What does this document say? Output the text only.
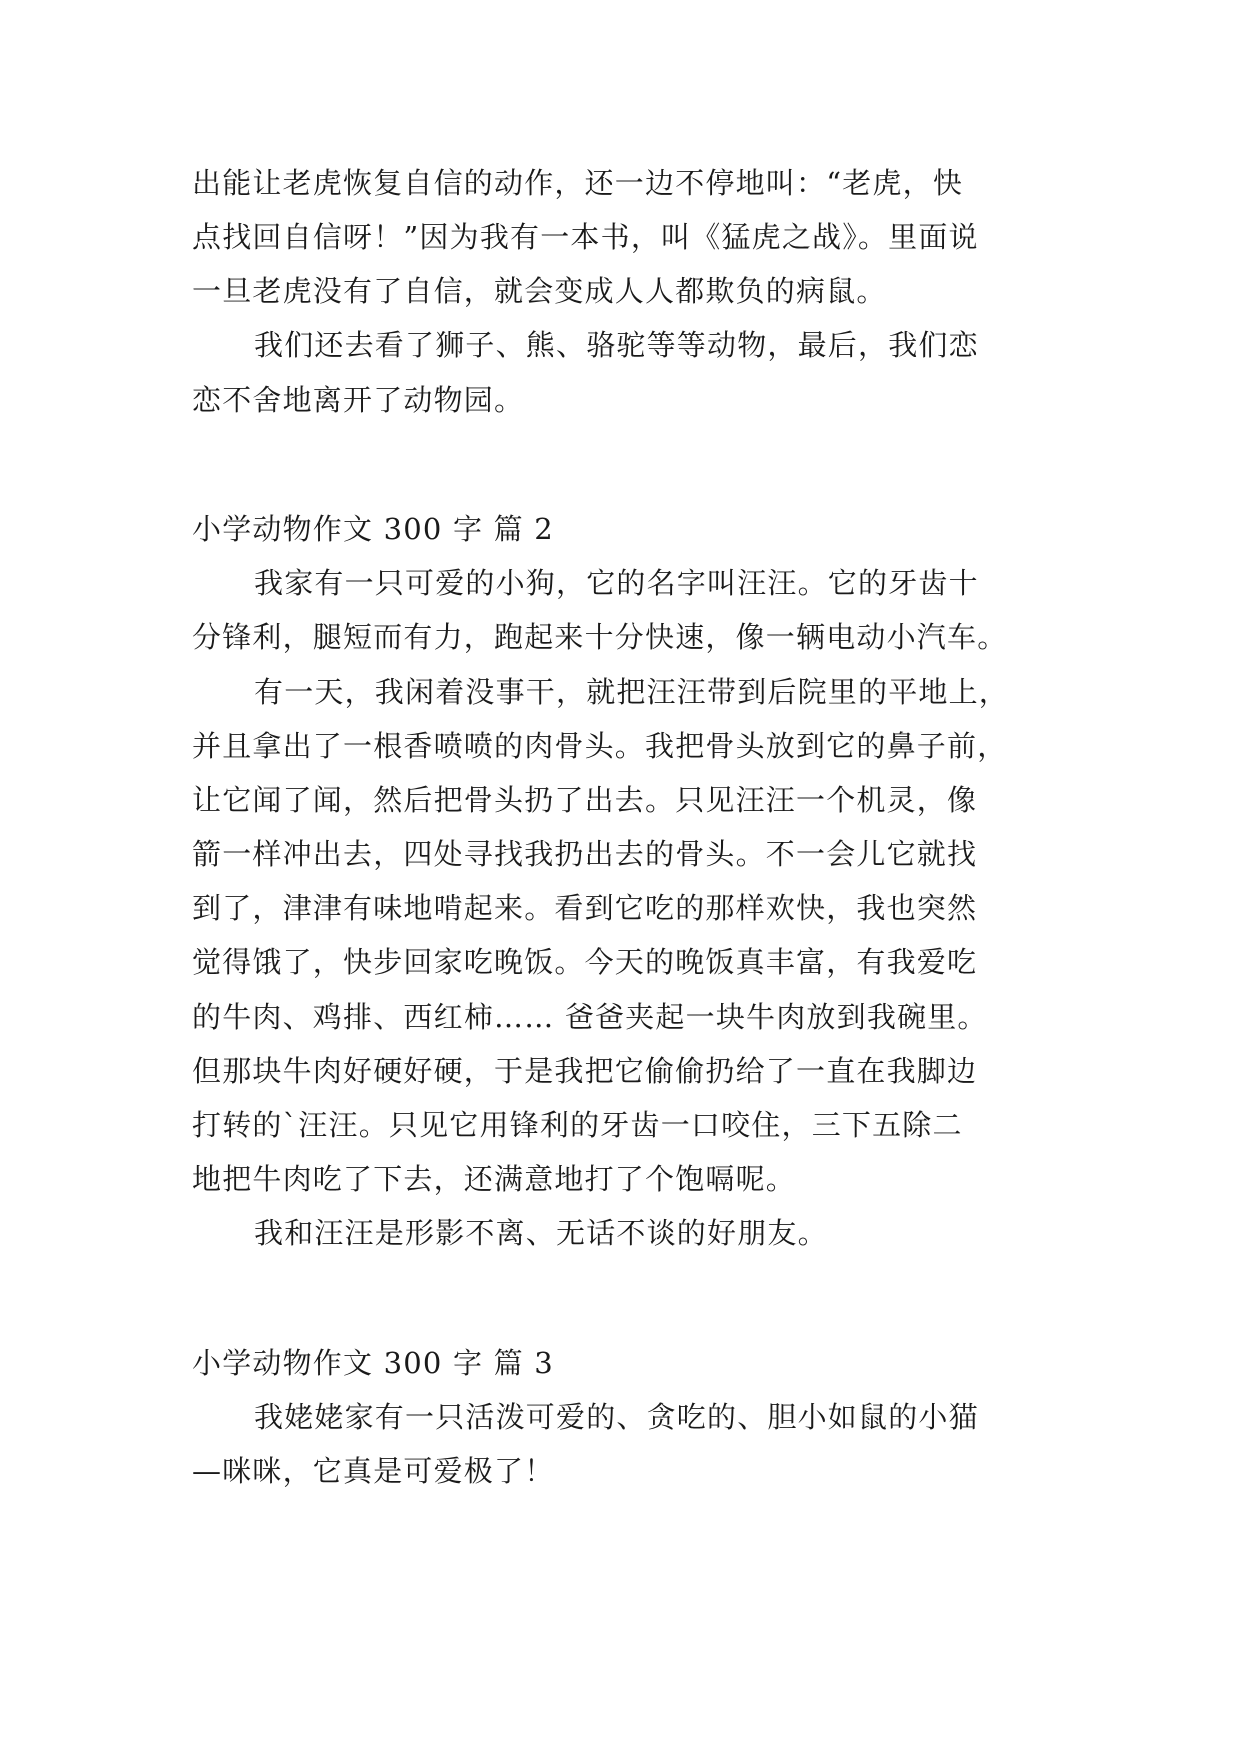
出能让老虎恢复自信的动作，还一边不停地叫：“老虎，快
点找回自信呀！”因为我有一本书，叫《猛虎之战》。里面说
一旦老虎没有了自信，就会变成人人都欺负的病鼠。
我们还去看了狮子、熊、骆驼等等动物，最后，我们恋
恋不舍地离开了动物园。
小学动物作文 300 字 篇 2
我家有一只可爱的小狗，它的名字叫汪汪。它的牙齿十
分锋利，腿短而有力，跑起来十分快速，像一辆电动小汽车。
有一天，我闲着没事干，就把汪汪带到后院里的平地上，
并且拿出了一根香喷喷的肉骨头。我把骨头放到它的鼻子前，
让它闻了闻，然后把骨头扔了出去。只见汪汪一个机灵，像
箭一样冲出去，四处寻找我扔出去的骨头。不一会儿它就找
到了，津津有味地啃起来。看到它吃的那样欢快，我也突然
觉得饿了，快步回家吃晚饭。今天的晚饭真丰富，有我爱吃
的牛肉、鸡排、西红柿…… 爸爸夹起一块牛肉放到我碗里。
但那块牛肉好硬好硬，于是我把它偷偷扔给了一直在我脚边
打转的`汪汪。只见它用锋利的牙齿一口咬住，三下五除二
地把牛肉吃了下去，还满意地打了个饱嗝呢。
我和汪汪是形影不离、无话不谈的好朋友。
小学动物作文 300 字 篇 3
我姥姥家有一只活泼可爱的、贪吃的、胆小如鼠的小猫
—咪咪，它真是可爱极了！
